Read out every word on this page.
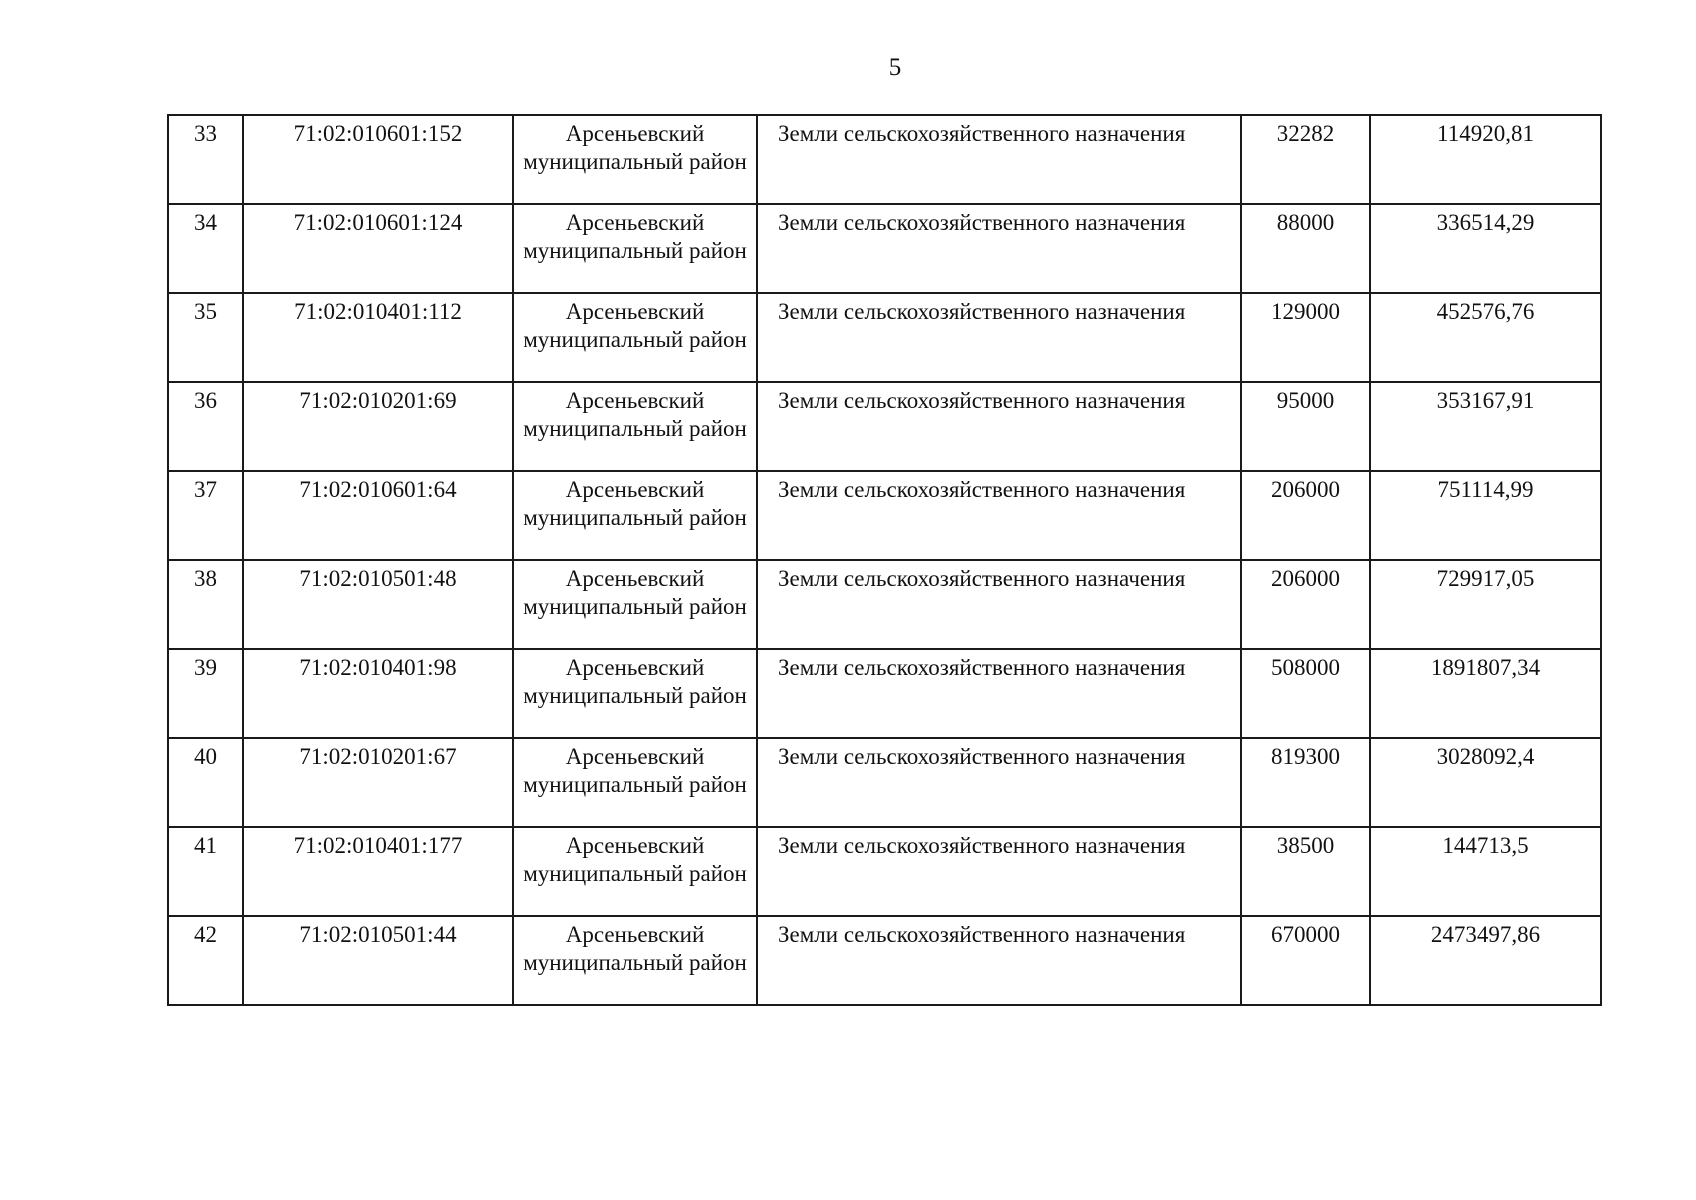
5
33	71:02:010601:152	Арсеньевский муниципальный район	Земли сельскохозяйственного назначения	32282	114920,81
34	71:02:010601:124	Арсеньевский муниципальный район	Земли сельскохозяйственного назначения	88000	336514,29
35	71:02:010401:112	Арсеньевский муниципальный район	Земли сельскохозяйственного назначения	129000	452576,76
36	71:02:010201:69	Арсеньевский муниципальный район	Земли сельскохозяйственного назначения	95000	353167,91
37	71:02:010601:64	Арсеньевский муниципальный район	Земли сельскохозяйственного назначения	206000	751114,99
38	71:02:010501:48	Арсеньевский муниципальный район	Земли сельскохозяйственного назначения	206000	729917,05
39	71:02:010401:98	Арсеньевский муниципальный район	Земли сельскохозяйственного назначения	508000	1891807,34
40	71:02:010201:67	Арсеньевский муниципальный район	Земли сельскохозяйственного назначения	819300	3028092,4
41	71:02:010401:177	Арсеньевский муниципальный район	Земли сельскохозяйственного назначения	38500	144713,5
42	71:02:010501:44	Арсеньевский муниципальный район	Земли сельскохозяйственного назначения	670000	2473497,86
